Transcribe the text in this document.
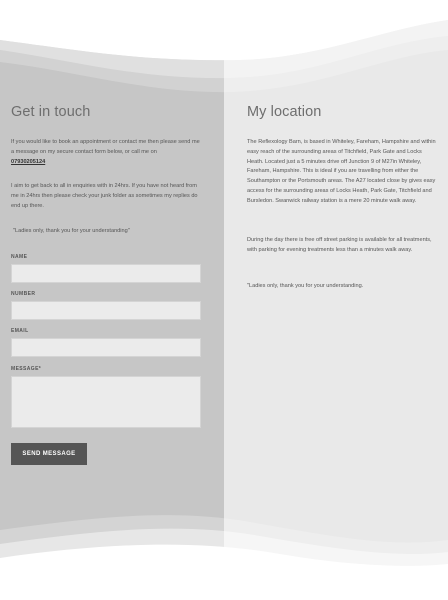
Get in touch

If you would like to book an appointment or contact me then please send me a message on my secure contact form below, or call me on
07930205124

I aim to get back to all in enquiries with in 24hrs. If you have not heard from me in 24hrs then please check your junk folder as sometimes my replies do end up there.

"Ladies only, thank you for your understanding"

NAME
NUMBER
EMAIL
MESSAGE*
SEND MESSAGE
My location

The Reflexology Barn, is based in Whiteley, Fareham, Hampshire and within easy reach of the surrounding areas of Titchfield, Park Gate and Locks Heath. Located just a 5 minutes drive off Junction 9 of M27in Whiteley, Fareham, Hampshire. This is ideal if you are travelling from either the Southampton or the Portsmouth areas. The A27 located close by gives easy access for the surrounding areas of Locks Heath, Park Gate, Titchfield and Bursledon. Swanwick railway station is a mere 20 minute walk away.

During the day there is free off street parking is available for all treatments, with parking for evening treatments less than a minutes walk away.

"Ladies only, thank you for your understanding.
